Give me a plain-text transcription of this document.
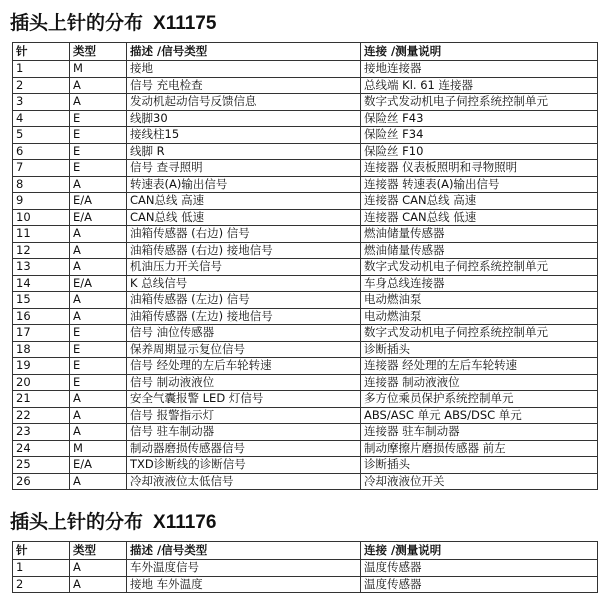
插头上针的分布 X11175
针	类型	描述 /信号类型	连接 /测量说明
1	M	接地	接地连接器
2	A	信号 充电检查	总线端 Kl. 61 连接器
3	A	发动机起动信号反馈信息	数字式发动机电子伺控系统控制单元
4	E	线脚30	保险丝 F43
5	E	接线柱15	保险丝 F34
6	E	线脚 R	保险丝 F10
7	E	信号 查寻照明	连接器 仪表板照明和寻物照明
8	A	转速表(A)输出信号	连接器 转速表(A)输出信号
9	E/A	CAN总线 高速	连接器 CAN总线 高速
10	E/A	CAN总线 低速	连接器 CAN总线 低速
11	A	油箱传感器 (右边) 信号	燃油储量传感器
12	A	油箱传感器 (右边) 接地信号	燃油储量传感器
13	A	机油压力开关信号	数字式发动机电子伺控系统控制单元
14	E/A	K 总线信号	车身总线连接器
15	A	油箱传感器 (左边) 信号	电动燃油泵
16	A	油箱传感器 (左边) 接地信号	电动燃油泵
17	E	信号 油位传感器	数字式发动机电子伺控系统控制单元
18	E	保养周期显示复位信号	诊断插头
19	E	信号 经处理的左后车轮转速	连接器 经处理的左后车轮转速
20	E	信号 制动液液位	连接器 制动液液位
21	A	安全气囊报警 LED 灯信号	多方位乘员保护系统控制单元
22	A	信号 报警指示灯	ABS/ASC 单元 ABS/DSC 单元
23	A	信号 驻车制动器	连接器 驻车制动器
24	M	制动器磨损传感器信号	制动摩擦片磨损传感器 前左
25	E/A	TXD诊断线的诊断信号	诊断插头
26	A	冷却液液位太低信号	冷却液液位开关
插头上针的分布 X11176
针	类型	描述 /信号类型	连接 /测量说明
1	A	车外温度信号	温度传感器
2	A	接地 车外温度	温度传感器
